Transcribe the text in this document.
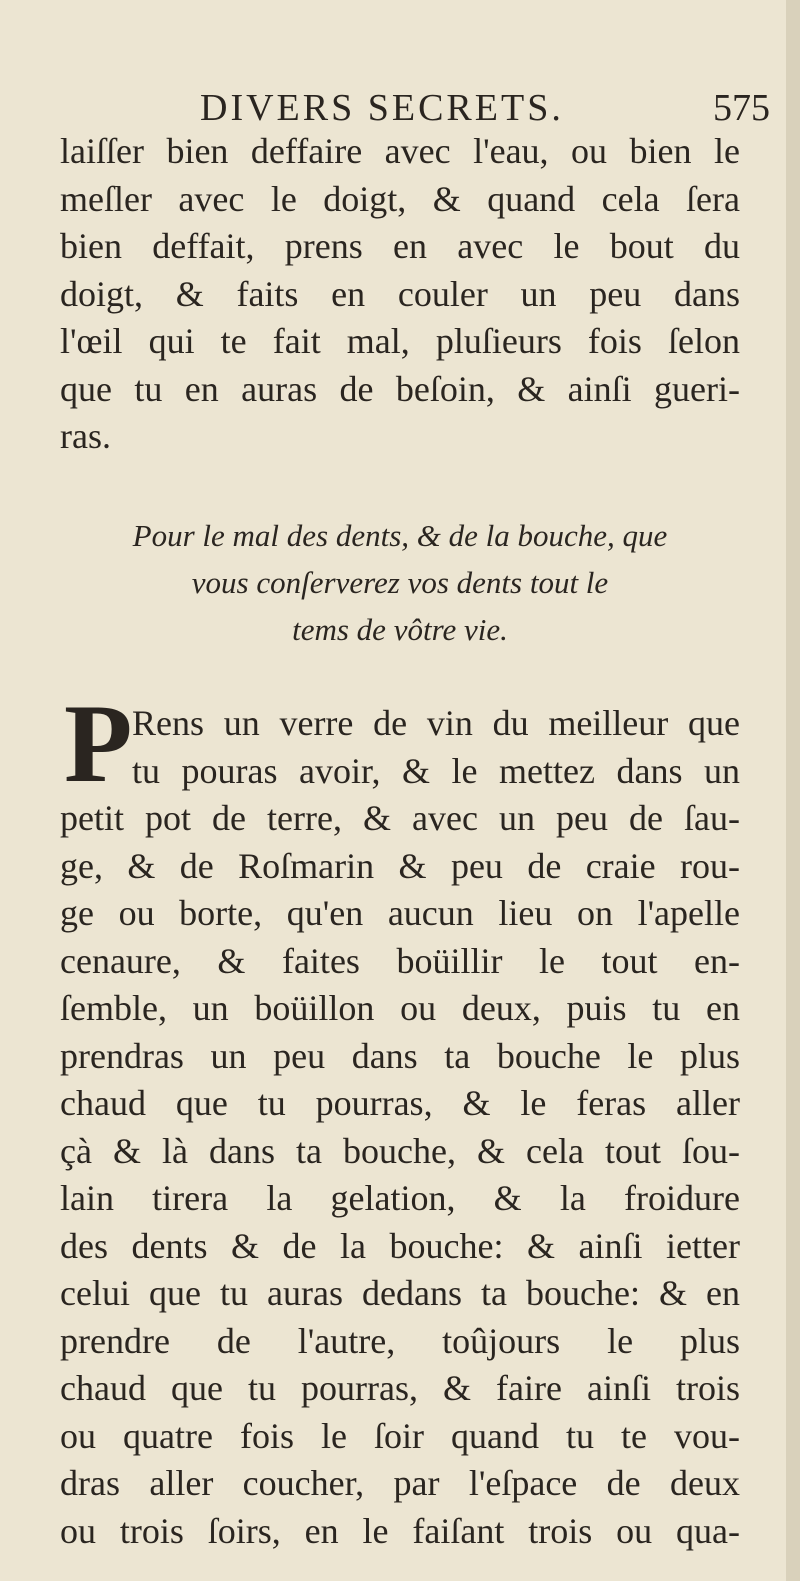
DIVERS SECRETS.	575
laiſſer bien deffaire avec l'eau, ou bien le
meſler avec le doigt, & quand cela ſera
bien deffait, prens en avec le bout du
doigt, & faits en couler un peu dans
l'œil qui te fait mal, pluſieurs fois ſelon
que tu en auras de beſoin, & ainſi gueri-
ras.
Pour le mal des dents, & de la bouche, que
vous conſerverez vos dents tout le
tems de vôtre vie.
P Rens un verre de vin du meilleur que
tu pouras avoir, & le mettez dans un
petit pot de terre, & avec un peu de ſau-
ge, & de Roſmarin & peu de craie rou-
ge ou borte, qu'en aucun lieu on l'apelle
cenaure, & faites boüillir le tout en-
ſemble, un boüillon ou deux, puis tu en
prendras un peu dans ta bouche le plus
chaud que tu pourras, & le feras aller
çà & là dans ta bouche, & cela tout ſou-
lain tirera la gelation, & la froidure
des dents & de la bouche: & ainſi ietter
celui que tu auras dedans ta bouche: & en
prendre de l'autre, toûjours le plus
chaud que tu pourras, & faire ainſi trois
ou quatre fois le ſoir quand tu te vou-
dras aller coucher, par l'eſpace de deux
ou trois ſoirs, en le faiſant trois ou qua-
